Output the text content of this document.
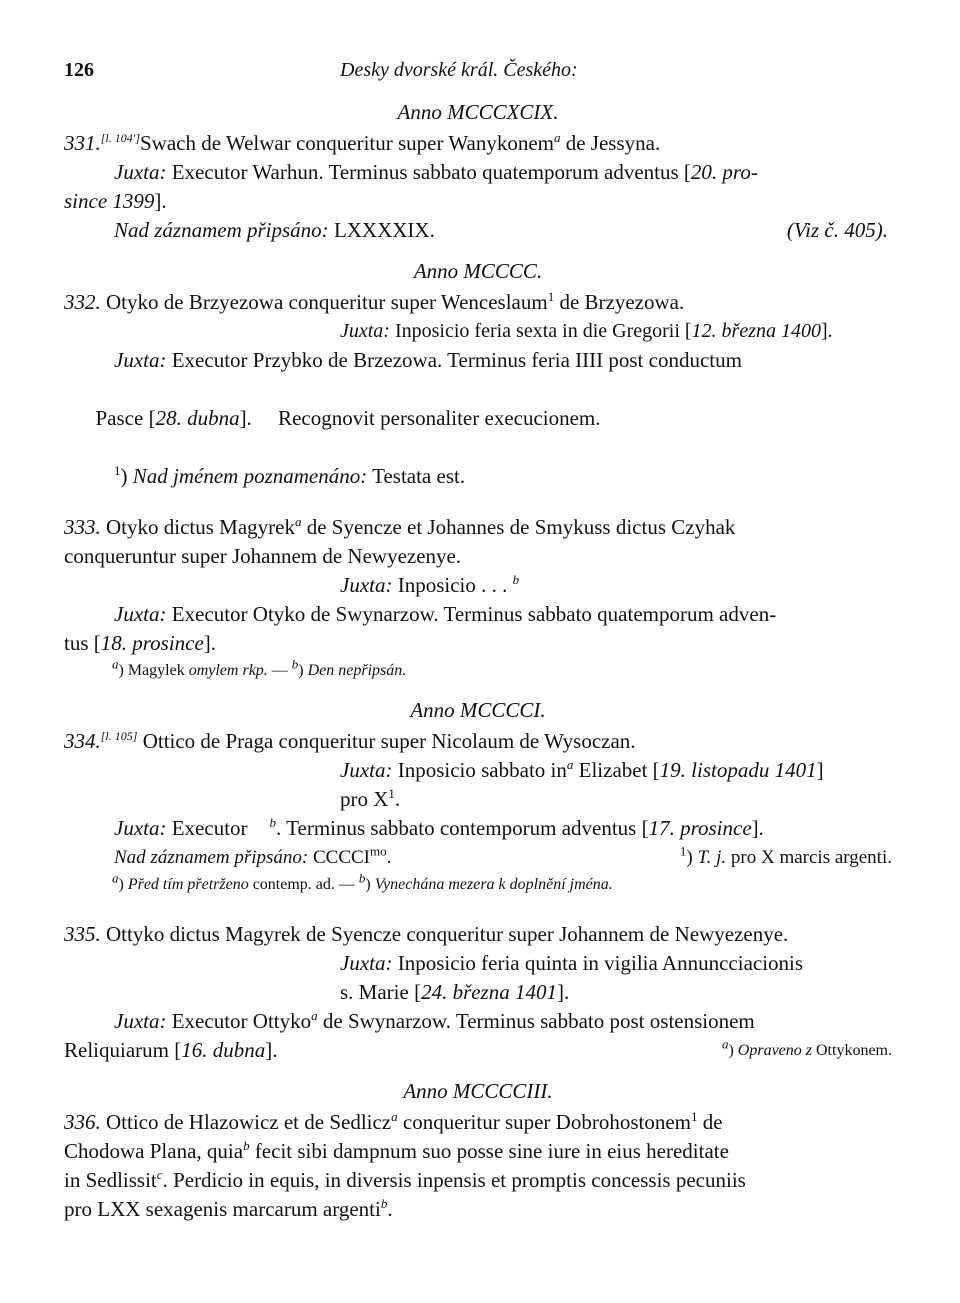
126	Desky dvorské král. Českého:
Anno MCCCXCIX.
331.[l. 104']Swach de Welwar conqueritur super Wanykonem$^a$ de Jessyna.
Juxta: Executor Warhun. Terminus sabbato quatemporum adventus [20. pro-
since 1399].
Nad záznamem připsáno: LXXXXIX.	(Viz č. 405).
Anno MCCCC.
332. Otyko de Brzyezowa conqueritur super Wenceslaum$^1$ de Brzyezowa.
Juxta: Inposicio feria sexta in die Gregorii [12. března 1400].
Juxta: Executor Przybko de Brzezowa. Terminus feria IIII post conductum

Pasce [28. dubna].     Recognovit personaliter execucionem.

$^1$) Nad jménem poznamenáno: Testata est.
333. Otyko dictus Magyrek$^a$ de Syencze et Johannes de Smykuss dictus Czyhak
conqueruntur super Johannem de Newyezenye.
Juxta: Inposicio . . . $^b$
Juxta: Executor Otyko de Swynarzow. Terminus sabbato quatemporum adven-
tus [18. prosince].
$^a$) Magylek omylem rkp. — $^b$) Den nepřipsán.
Anno MCCCCI.
334.[l. 105] Ottico de Praga conqueritur super Nicolaum de Wysoczan.
Juxta: Inposicio sabbato $in^a$ Elizabet [19. listopadu 1401]
pro $X^1$.
Juxta: Executor $^b$. Terminus sabbato contemporum adventus [17. prosince].
Nad záznamem připsáno: $CCCCI^{mo}$.	$^1$) T. j. pro X marcis argenti.
$^a$) Před tím přetrženo contemp. ad. — $^b$) Vynechána mezera k doplnění jména.
335. Ottyko dictus Magyrek de Syencze conqueritur super Johannem de Newyezenye.
Juxta: Inposicio feria quinta in vigilia Annuncciacionis
s. Marie [24. března 1401].
Juxta: Executor Ottyko$^a$ de Swynarzow. Terminus sabbato post ostensionem
Reliquiarum [16. dubna].	$^a$) Opraveno z Ottykonem.
Anno MCCCCIII.
336. Ottico de Hlazowicz et de Sedlicz$^a$ conqueritur super Dobrohostonem$^1$ de
Chodowa Plana, quia$^b$ fecit sibi dampnum suo posse sine iure in eius hereditate
in Sedlissit$^c$. Perdicio in equis, in diversis inpensis et promptis concessis pecuniis
pro LXX sexagenis marcarum argenti$^b$.
